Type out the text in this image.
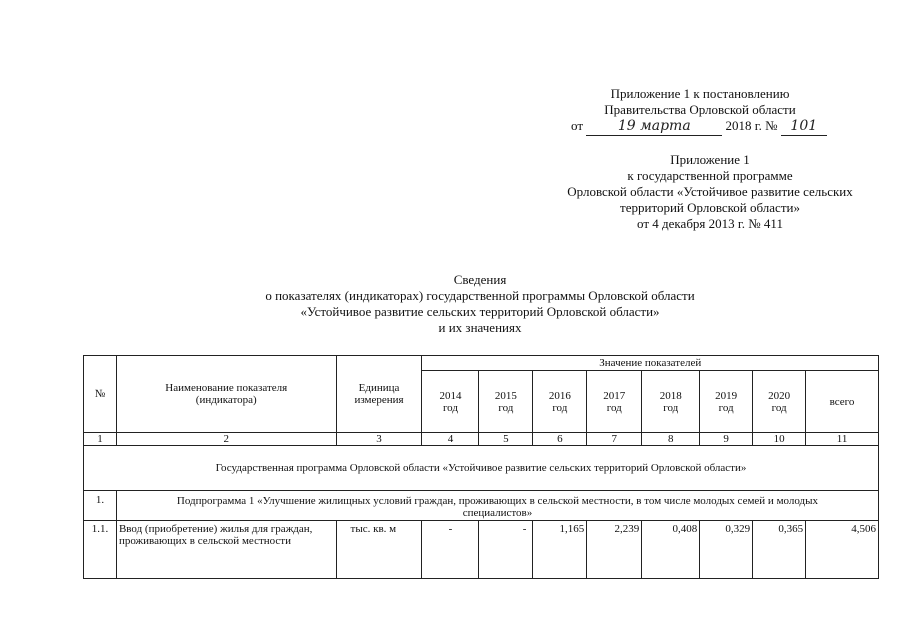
Приложение 1 к постановлению
Правительства Орловской области
от 19 марта	2018 г. № 101
Приложение 1
к государственной программе
Орловской области «Устойчивое развитие сельских
территорий Орловской области»
от 4 декабря 2013 г. № 411
Сведения
о показателях (индикаторах) государственной программы Орловской области
«Устойчивое развитие сельских территорий Орловской области»
и их значениях
№	Наименование показателя (индикатора)	Единица измерения	Значение показателей							
			2014 год	2015 год	2016 год	2017 год	2018 год	2019 год	2020 год	всего
1	2	3	4	5	6	7	8	9	10	11
Государственная программа Орловской области «Устойчивое развитие сельских территорий Орловской области»										
1.	Подпрограмма 1 «Улучшение жилищных условий граждан, проживающих в сельской местности, в том числе молодых семей и молодых специалистов»									
1.1.	Ввод (приобретение) жилья для граждан, проживающих в сельской местности	тыс. кв. м	-	-	1,165	2,239	0,408	0,329	0,365	4,506
